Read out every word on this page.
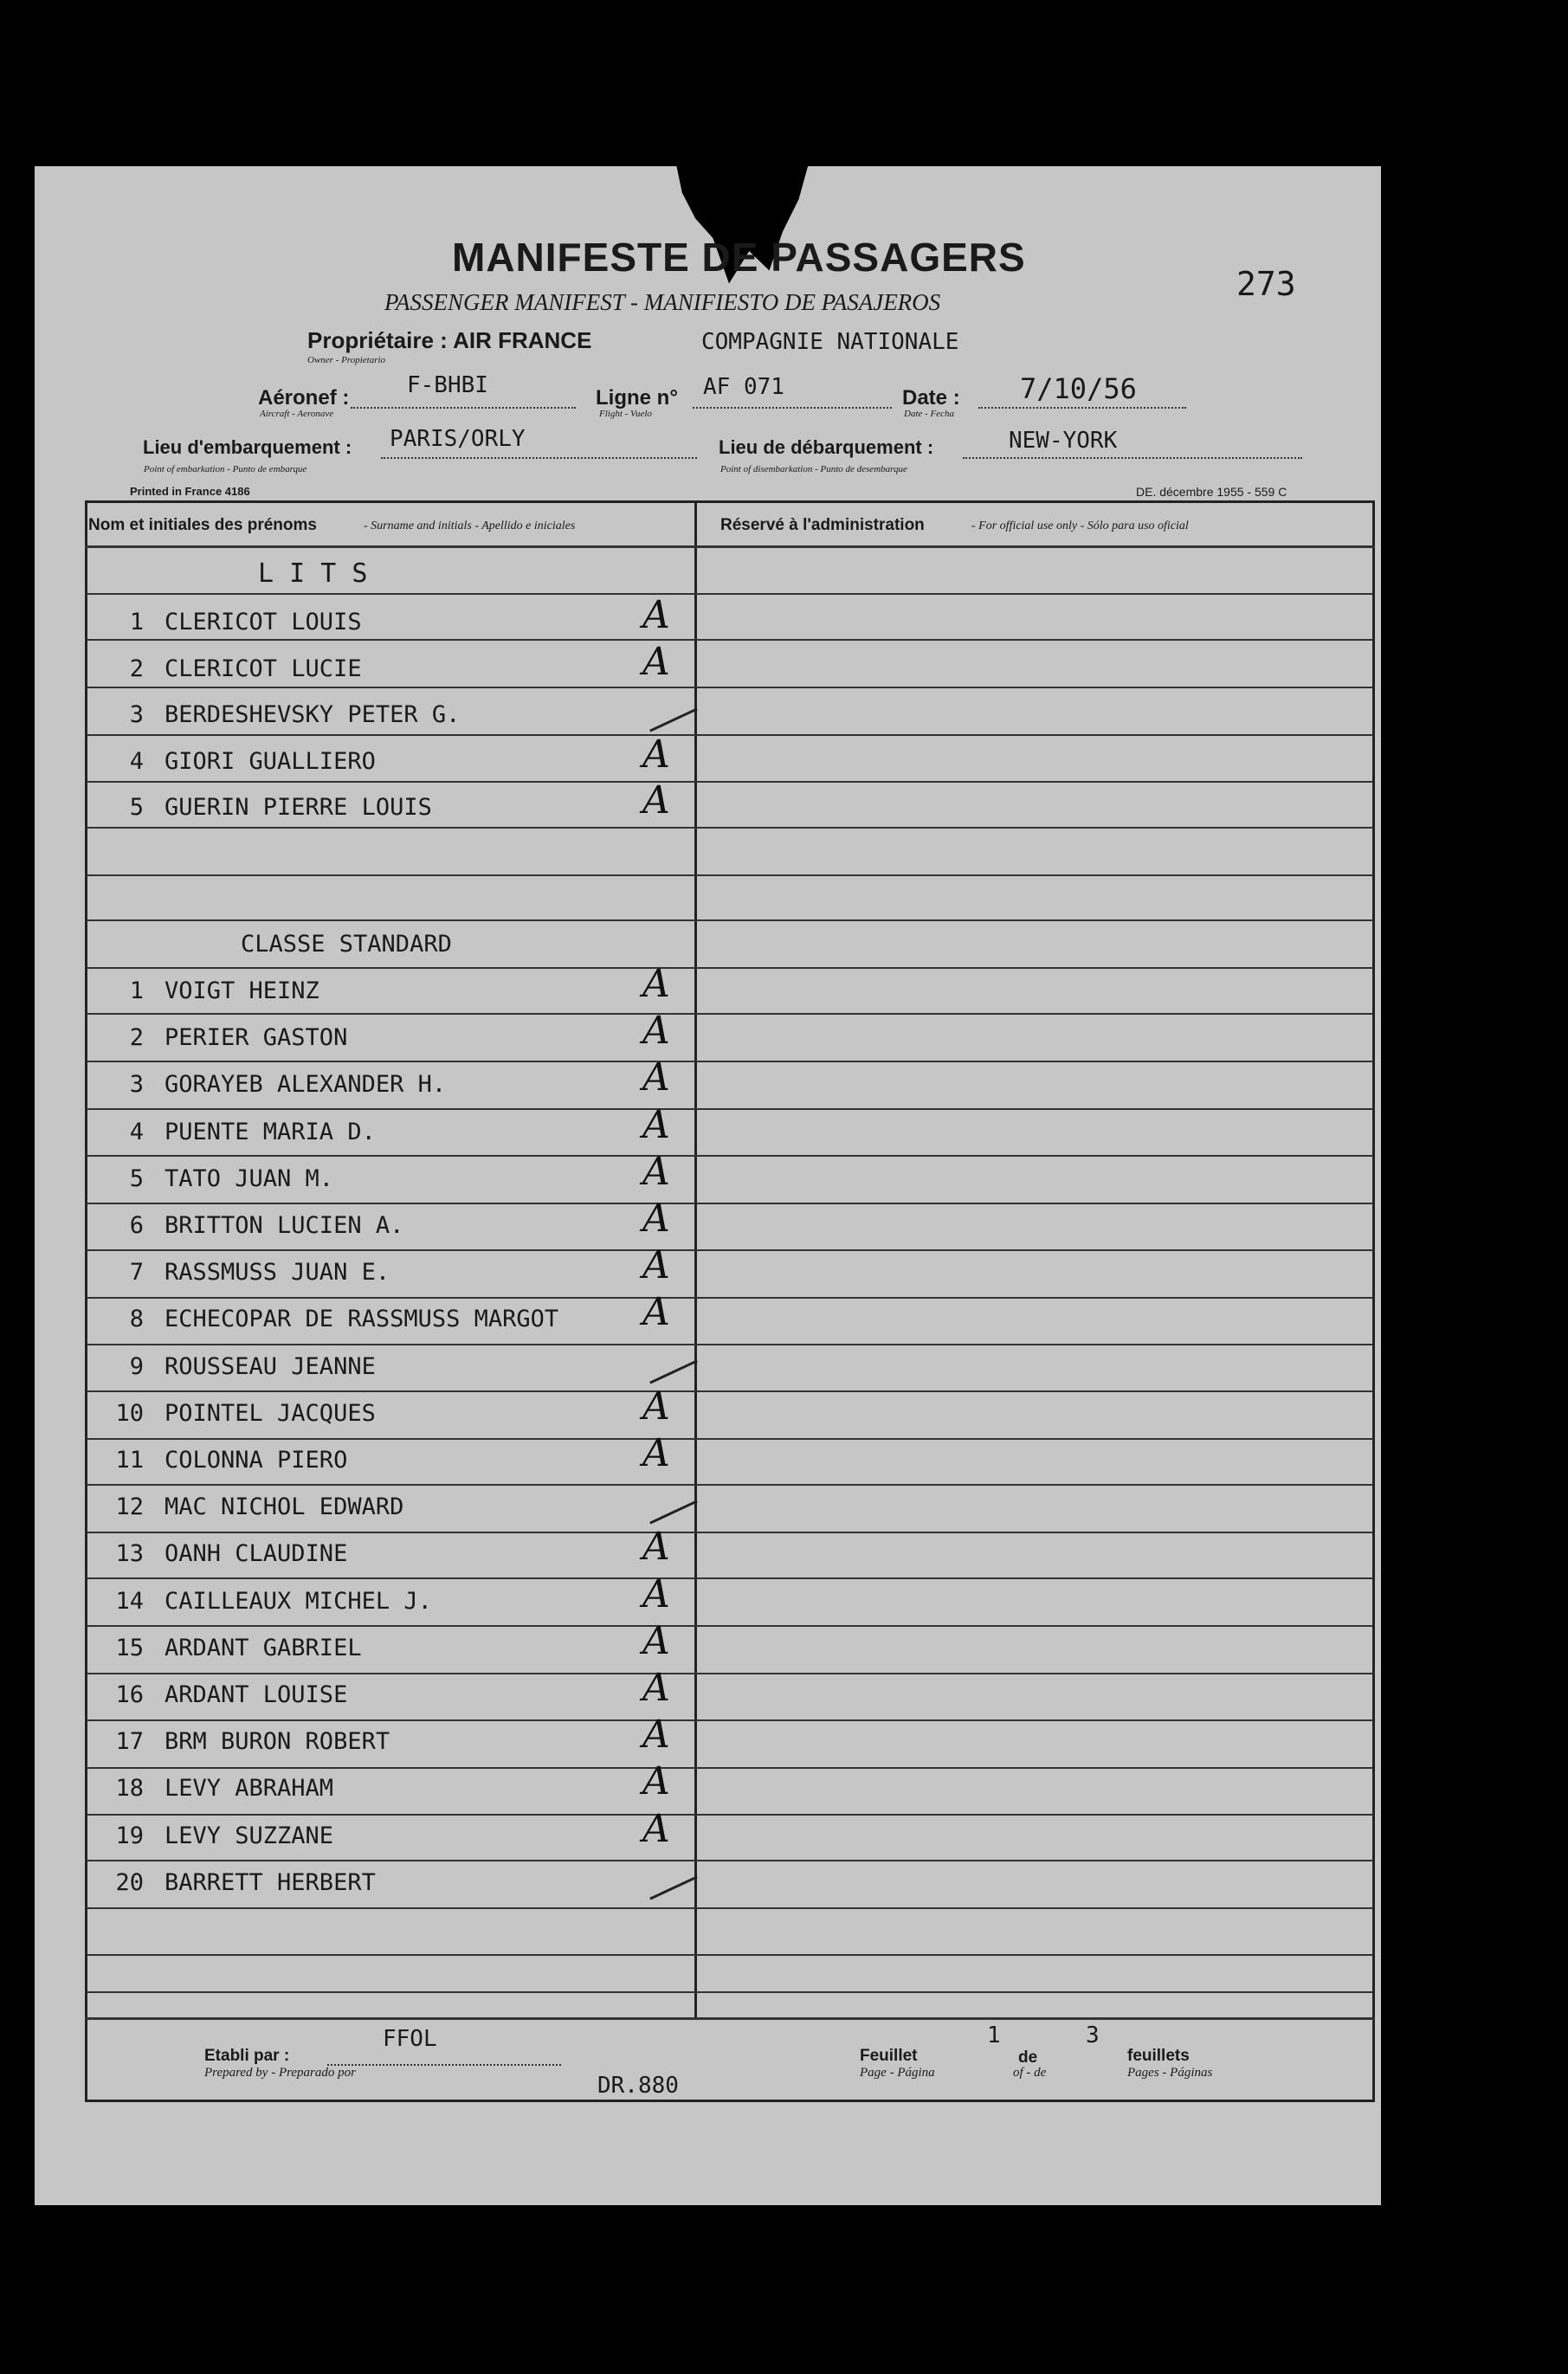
MANIFESTE DE PASSAGERS
PASSENGER MANIFEST - MANIFIESTO DE PASAJEROS	273
Propriétaire : AIR FRANCE	COMPAGNIE NATIONALE
Owner - Propietario
Aéronef :	F-BHBI
Aircraft - Aeronave
Ligne n° AF 071
Flight - Vuelo
Date : 7/10/56
Date - Fecha
Lieu d'embarquement : PARIS/ORLY
Point of embarkation - Punto de embarque
Lieu de débarquement :	NEW-YORK
Point of disembarkation - Punto de desembarque
Printed in France 4186	DE. décembre 1955 - 559 C
Nom et initiales des prénoms	- Surname and initials - Apellido e iniciales	Réservé à l'administration	- For official use only - Sólo para uso oficial
L I T S
1 CLERICOT LOUIS	A
2 CLERICOT LUCIE	A
3 BERDESHEVSKY PETER G.
4 GIORI GUALLIERO	A
5 GUERIN PIERRE LOUIS	A
CLASSE STANDARD
1 VOIGT HEINZ	A
2 PERIER GASTON	A
3 GORAYEB ALEXANDER H.	A
4 PUENTE MARIA D.	A
5 TATO JUAN M.	A
6 BRITTON LUCIEN A.	A
7 RASSMUSS JUAN E.	A
8 ECHECOPAR DE RASSMUSS MARGOT A
9 ROUSSEAU JEANNE
10 POINTEL JACQUES	A
11 COLONNA PIERO	A
12 MAC NICHOL EDWARD
13 OANH CLAUDINE	A
14 CAILLEAUX MICHEL J.	A
15 ARDANT GABRIEL	A
16 ARDANT LOUISE	A
17 BRM BURON ROBERT	A
18 LEVY ABRAHAM	A
19 LEVY SUZZANE	A
20 BARRETT HERBERT
Etabli par :
FFOL
Prepared by - Preparado por	DR.880
Feuillet
1
Page - Página
de
of - de
3
feuillets
Pages - Páginas
